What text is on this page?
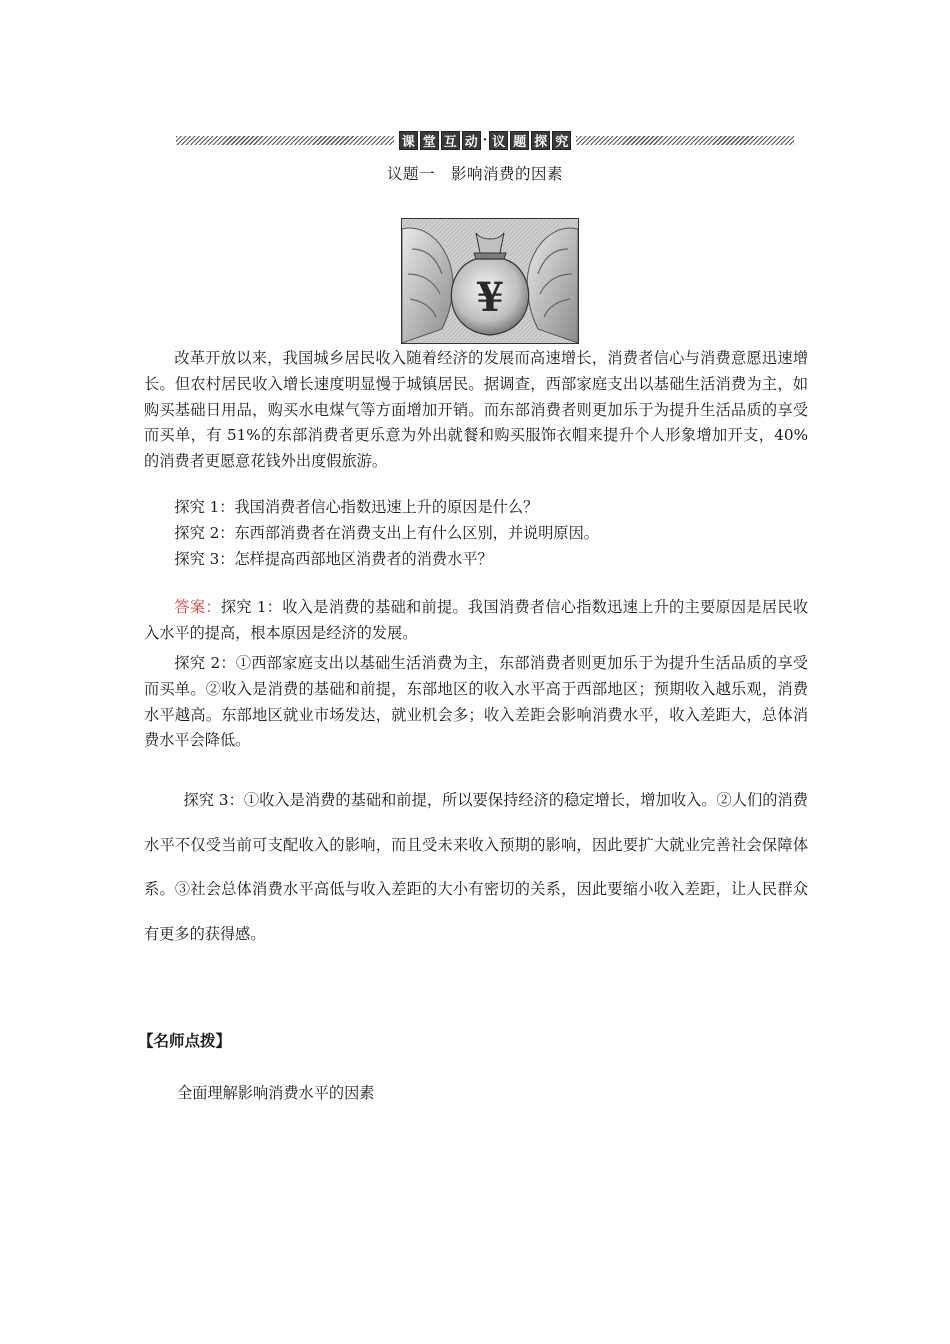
课 堂 互 动 · 议 题 探 究
议题一　影响消费的因素
¥

改革开放以来，我国城乡居民收入随着经济的发展而高速增长，消费者信心与消费意愿迅速增长。但农村居民收入增长速度明显慢于城镇居民。据调查，西部家庭支出以基础生活消费为主，如购买基础日用品，购买水电煤气等方面增加开销。而东部消费者则更加乐于为提升生活品质的享受而买单，有 51%的东部消费者更乐意为外出就餐和购买服饰衣帽来提升个人形象增加开支，40%的消费者更愿意花钱外出度假旅游。

探究 1：我国消费者信心指数迅速上升的原因是什么？

探究 2：东西部消费者在消费支出上有什么区别，并说明原因。

探究 3：怎样提高西部地区消费者的消费水平？

答案：探究 1：收入是消费的基础和前提。我国消费者信心指数迅速上升的主要原因是居民收入水平的提高，根本原因是经济的发展。

探究 2：①西部家庭支出以基础生活消费为主，东部消费者则更加乐于为提升生活品质的享受而买单。②收入是消费的基础和前提，东部地区的收入水平高于西部地区；预期收入越乐观，消费水平越高。东部地区就业市场发达，就业机会多；收入差距会影响消费水平，收入差距大，总体消费水平会降低。

探究 3：①收入是消费的基础和前提，所以要保持经济的稳定增长，增加收入。②人们的消费水平不仅受当前可支配收入的影响，而且受未来收入预期的影响，因此要扩大就业完善社会保障体系。③社会总体消费水平高低与收入差距的大小有密切的关系，因此要缩小收入差距，让人民群众有更多的获得感。

【名师点拨】
全面理解影响消费水平的因素
